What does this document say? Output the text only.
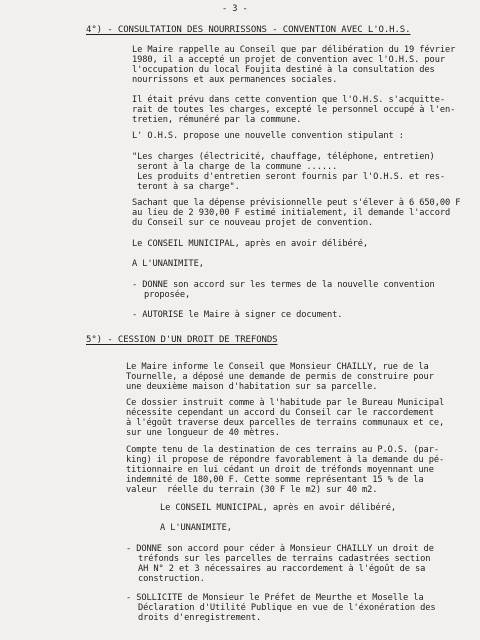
- 3 -
4°) - CONSULTATION DES NOURRISSONS - CONVENTION AVEC L'O.H.S.
Le Maire rappelle au Conseil que par délibération du 19 février
1980, il a accepté un projet de convention avec l'O.H.S. pour
l'occupation du local Foujita destiné à la consultation des
nourrissons et aux permanences sociales.
Il était prévu dans cette convention que l'O.H.S. s'acquitte-
rait de toutes les charges, excepté le personnel occupé à l'en-
tretien, rémunéré par la commune.
L' O.H.S. propose une nouvelle convention stipulant :
"Les charges (électricité, chauffage, téléphone, entretien)
seront à la charge de la commune ......
Les produits d'entretien seront fournis par l'O.H.S. et res-
teront à sa charge".
Sachant que la dépense prévisionnelle peut s'élever à 6 650,00 F
au lieu de 2 930,00 F estimé initialement, il demande l'accord
du Conseil sur ce nouveau projet de convention.
Le CONSEIL MUNICIPAL, après en avoir délibéré,
A L'UNANIMITE,
- DONNE son accord sur les termes de la nouvelle convention
proposée,
- AUTORISE le Maire à signer ce document.
5°) - CESSION D'UN DROIT DE TREFONDS
Le Maire informe le Conseil que Monsieur CHAILLY, rue de la
Tournelle, a déposé une demande de permis de construire pour
une deuxième maison d'habitation sur sa parcelle.
Ce dossier instruit comme à l'habitude par le Bureau Municipal
nécessite cependant un accord du Conseil car le raccordement
à l'égoût traverse deux parcelles de terrains communaux et ce,
sur une longueur de 40 mètres.
Compte tenu de la destination de ces terrains au P.O.S. (par-
king) il propose de répondre favorablement à la demande du pé-
titionnaire en lui cédant un droit de tréfonds moyennant une
indemnité de 180,00 F. Cette somme représentant 15 % de la
valeur  réelle du terrain (30 F le m2) sur 40 m2.
Le CONSEIL MUNICIPAL, après en avoir délibéré,
A L'UNANIMITE,
- DONNE son accord pour céder à Monsieur CHAILLY un droit de
tréfonds sur les parcelles de terrains cadastrées section
AH N° 2 et 3 nécessaires au raccordement à l'égoût de sa
construction.
- SOLLICITE de Monsieur le Préfet de Meurthe et Moselle la
Déclaration d'Utilité Publique en vue de l'éxonération des
droits d'enregistrement.
